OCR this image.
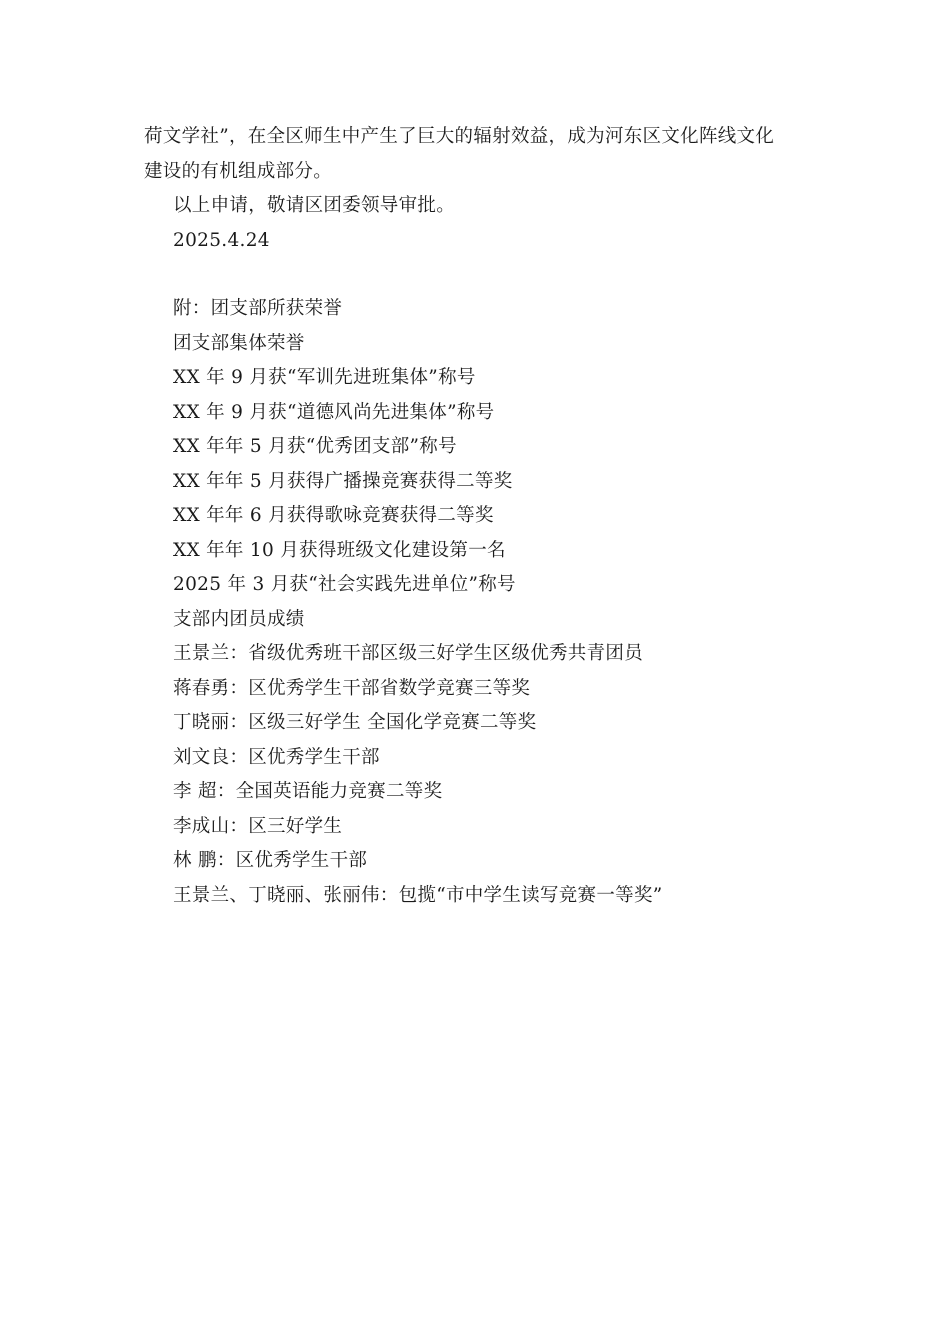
荷文学社”，在全区师生中产生了巨大的辐射效益，成为河东区文化阵线文化
建设的有机组成部分。
以上申请，敬请区团委领导审批。
2025.4.24
附：团支部所获荣誉
团支部集体荣誉
XX 年 9 月获“军训先进班集体”称号
XX 年 9 月获“道德风尚先进集体”称号
XX 年年 5 月获“优秀团支部”称号
XX 年年 5 月获得广播操竞赛获得二等奖
XX 年年 6 月获得歌咏竞赛获得二等奖
XX 年年 10 月获得班级文化建设第一名
2025 年 3 月获“社会实践先进单位”称号
支部内团员成绩
王景兰：省级优秀班干部区级三好学生区级优秀共青团员
蒋春勇：区优秀学生干部省数学竞赛三等奖
丁晓丽：区级三好学生 全国化学竞赛二等奖
刘文良：区优秀学生干部
李 超：全国英语能力竞赛二等奖
李成山：区三好学生
林 鹏：区优秀学生干部
王景兰、丁晓丽、张丽伟：包揽“市中学生读写竞赛一等奖”
